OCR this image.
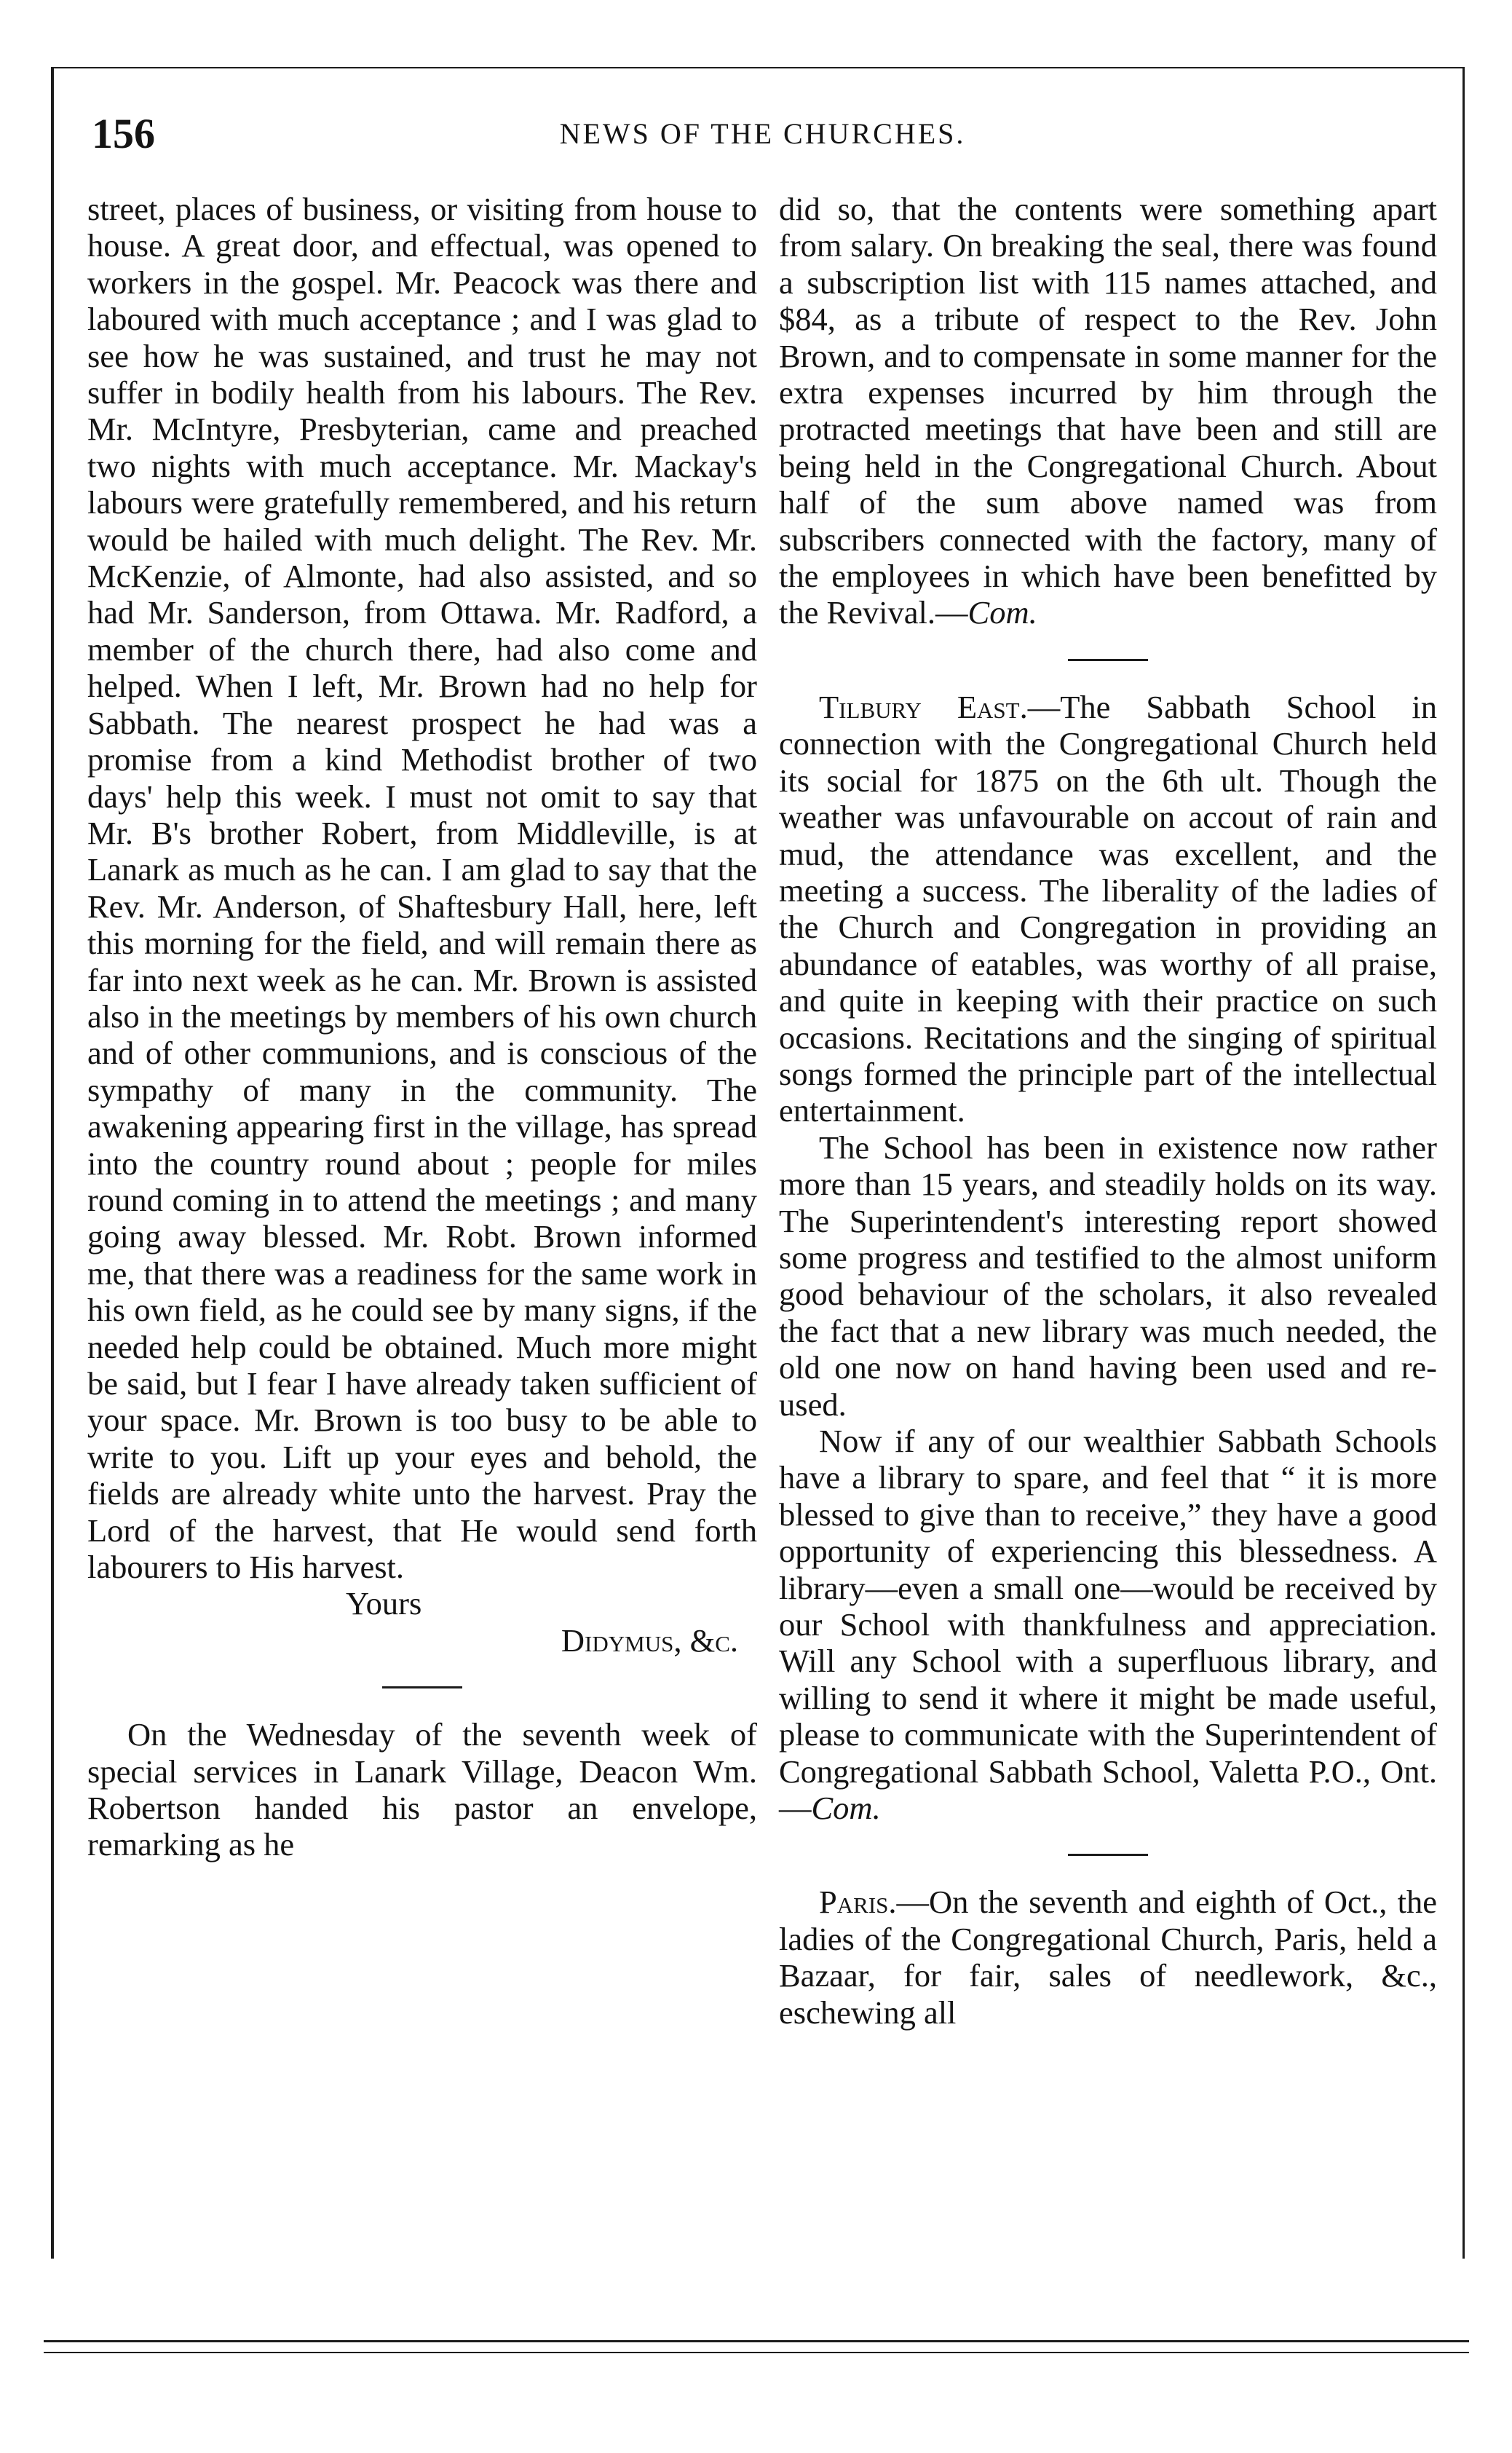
156	NEWS OF THE CHURCHES.

street, places of business, or visiting from house to house. A great door, and effectual, was opened to workers in the gospel. Mr. Peacock was there and laboured with much acceptance ; and I was glad to see how he was sustained, and trust he may not suffer in bodily health from his labours. The Rev. Mr. McIntyre, Presbyterian, came and preached two nights with much acceptance. Mr. Mackay's labours were gratefully remembered, and his return would be hailed with much delight. The Rev. Mr. McKenzie, of Almonte, had also assisted, and so had Mr. Sanderson, from Ottawa. Mr. Radford, a member of the church there, had also come and helped. When I left, Mr. Brown had no help for Sabbath. The nearest prospect he had was a promise from a kind Methodist brother of two days' help this week. I must not omit to say that Mr. B's brother Robert, from Middleville, is at Lanark as much as he can. I am glad to say that the Rev. Mr. Anderson, of Shaftesbury Hall, here, left this morning for the field, and will remain there as far into next week as he can. Mr. Brown is assisted also in the meetings by members of his own church and of other communions, and is conscious of the sympathy of many in the community. The awakening appearing first in the village, has spread into the country round about ; people for miles round coming in to attend the meetings ; and many going away blessed. Mr. Robt. Brown informed me, that there was a readiness for the same work in his own field, as he could see by many signs, if the needed help could be obtained. Much more might be said, but I fear I have already taken sufficient of your space. Mr. Brown is too busy to be able to write to you. Lift up your eyes and behold, the fields are already white unto the harvest. Pray the Lord of the harvest, that He would send forth labourers to His harvest.

Yours

Didymus, &c.

On the Wednesday of the seventh week of special services in Lanark Village, Deacon Wm. Robertson handed his pastor an envelope, remarking as he

did so, that the contents were something apart from salary. On breaking the seal, there was found a subscription list with 115 names attached, and $84, as a tribute of respect to the Rev. John Brown, and to compensate in some manner for the extra expenses incurred by him through the protracted meetings that have been and still are being held in the Congregational Church. About half of the sum above named was from subscribers connected with the factory, many of the employees in which have been benefitted by the Revival.—Com.

Tilbury East.—The Sabbath School in connection with the Congregational Church held its social for 1875 on the 6th ult. Though the weather was unfavourable on accout of rain and mud, the attendance was excellent, and the meeting a success. The liberality of the ladies of the Church and Congregation in providing an abundance of eatables, was worthy of all praise, and quite in keeping with their practice on such occasions. Recitations and the singing of spiritual songs formed the principle part of the intellectual entertainment.

The School has been in existence now rather more than 15 years, and steadily holds on its way. The Superintendent's interesting report showed some progress and testified to the almost uniform good behaviour of the scholars, it also revealed the fact that a new library was much needed, the old one now on hand having been used and re-used.

Now if any of our wealthier Sabbath Schools have a library to spare, and feel that “ it is more blessed to give than to receive,” they have a good opportunity of experiencing this blessedness. A library—even a small one—would be received by our School with thankfulness and appreciation. Will any School with a superfluous library, and willing to send it where it might be made useful, please to communicate with the Superintendent of Congregational Sabbath School, Valetta P.O., Ont.—Com.

Paris.—On the seventh and eighth of Oct., the ladies of the Congregational Church, Paris, held a Bazaar, for fair, sales of needlework, &c., eschewing all
